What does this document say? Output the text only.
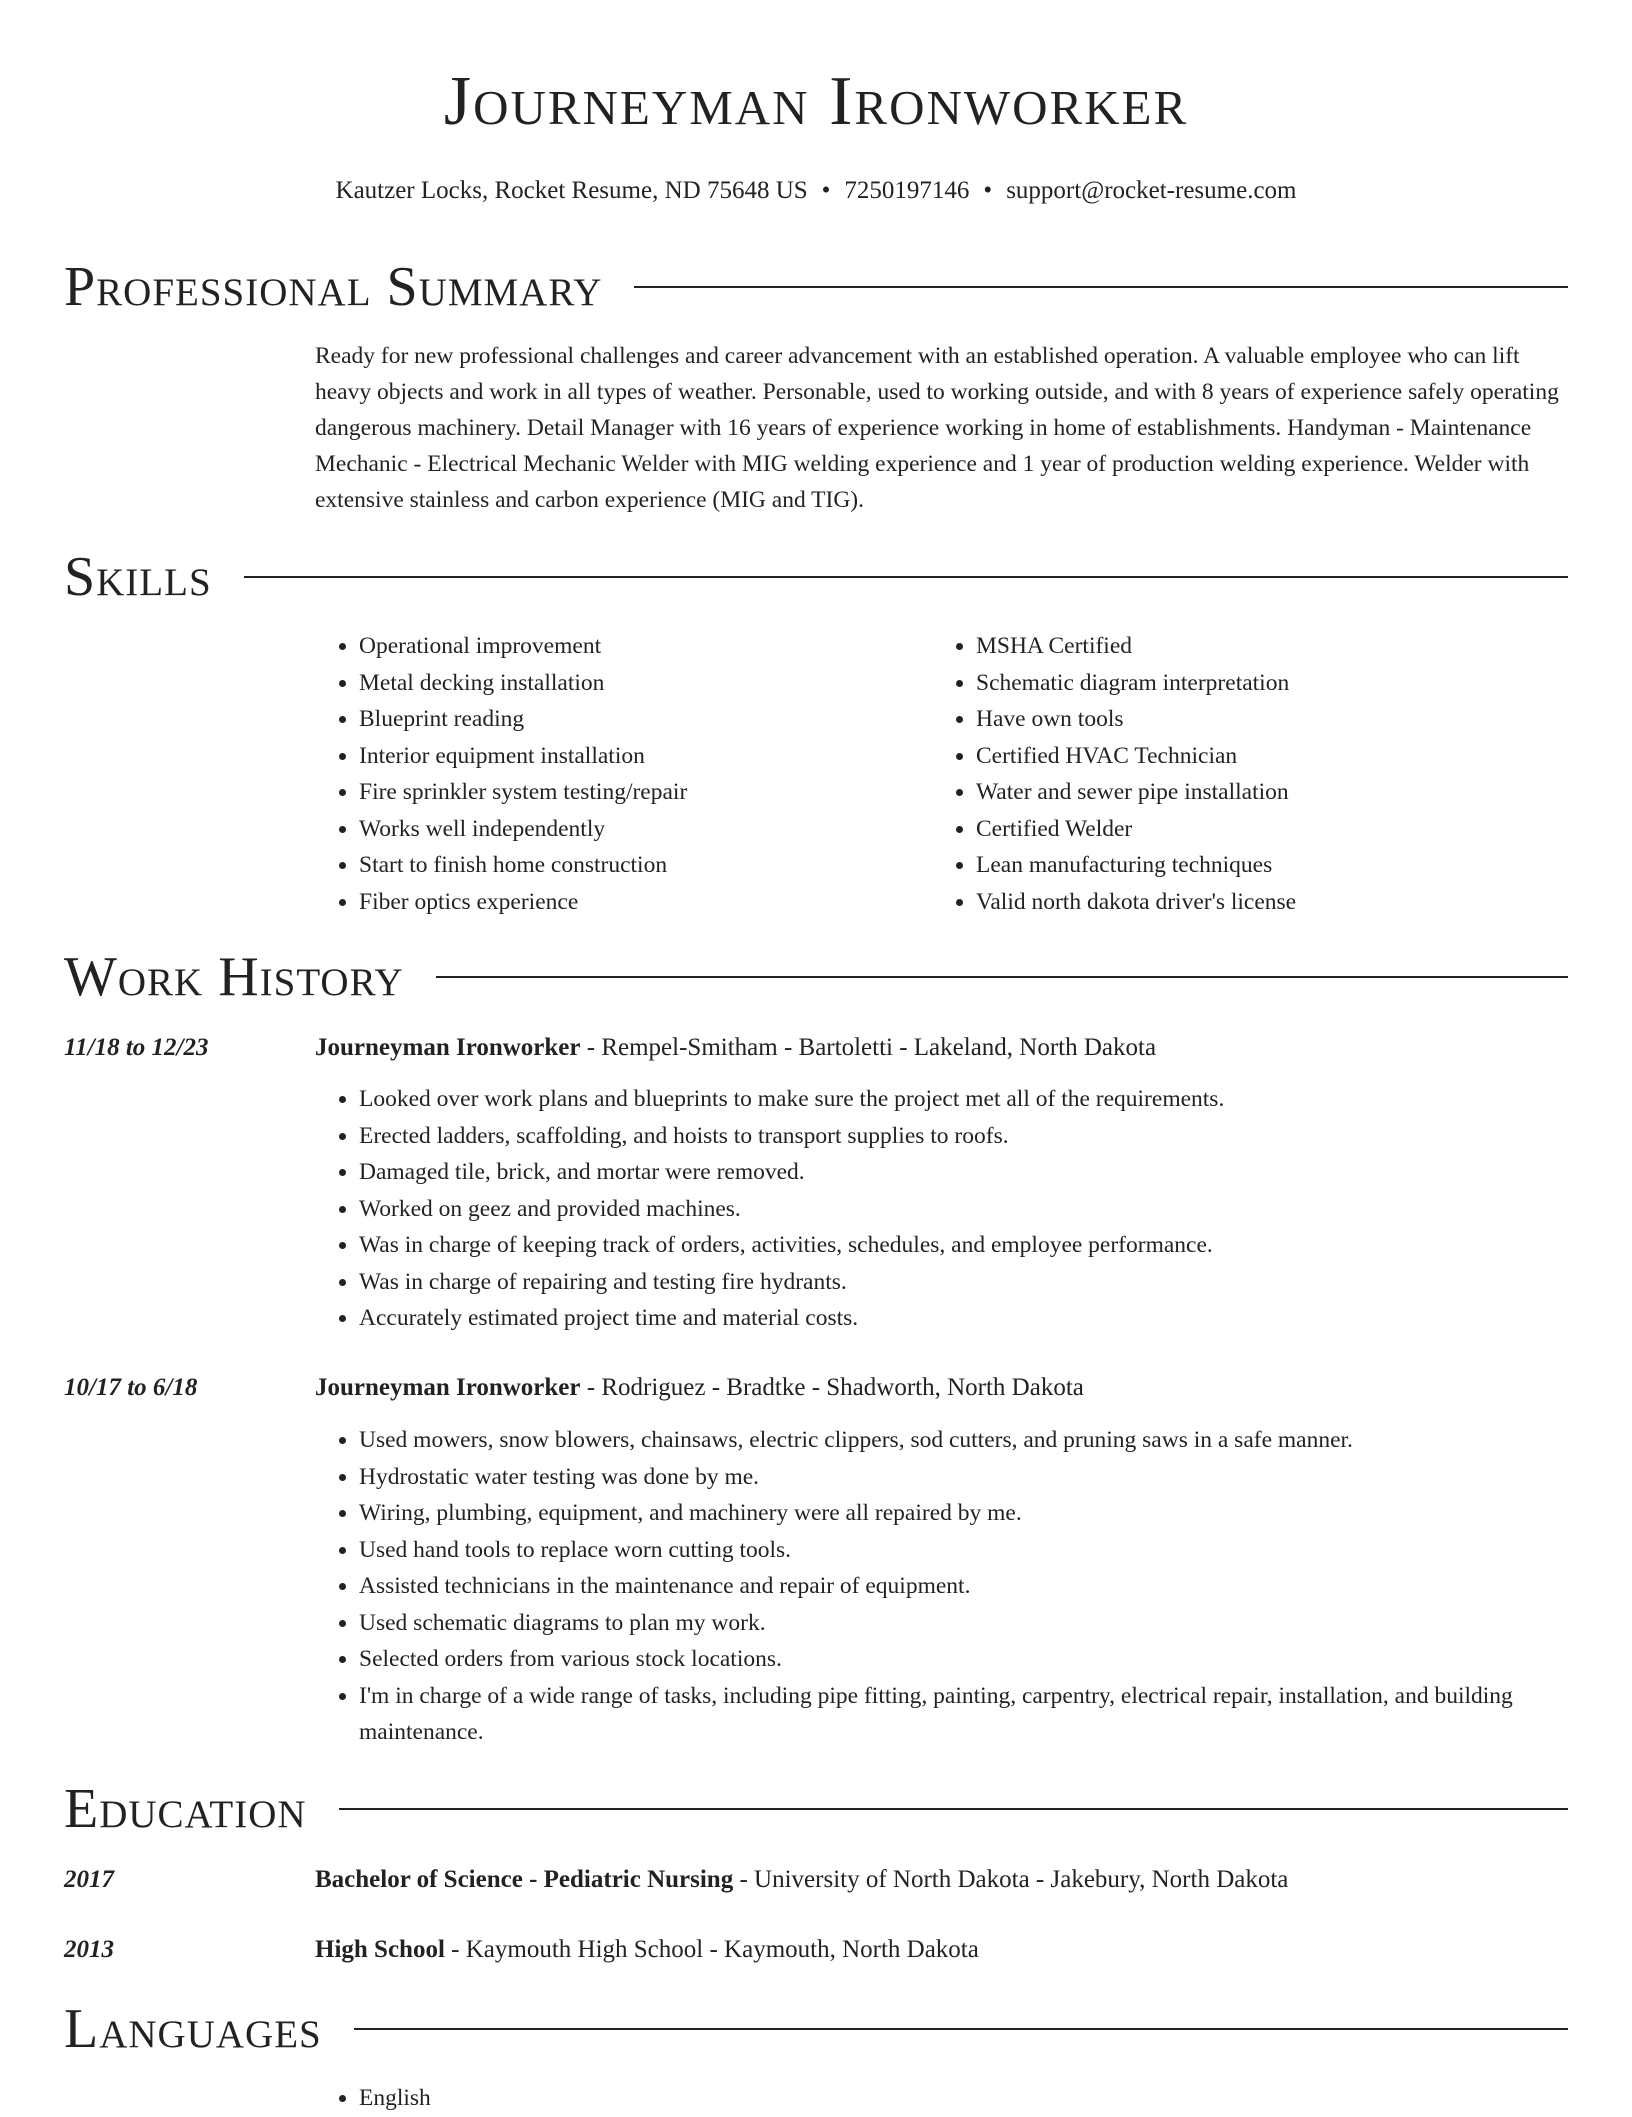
Journeyman Ironworker
Kautzer Locks, Rocket Resume, ND 75648 US • 7250197146 • support@rocket-resume.com
Professional Summary

Ready for new professional challenges and career advancement with an established operation. A valuable employee who can lift heavy objects and work in all types of weather. Personable, used to working outside, and with 8 years of experience safely operating dangerous machinery. Detail Manager with 16 years of experience working in home of establishments. Handyman - Maintenance Mechanic - Electrical Mechanic Welder with MIG welding experience and 1 year of production welding experience. Welder with extensive stainless and carbon experience (MIG and TIG).

Skills
• Operational improvement
• Metal decking installation
• Blueprint reading
• Interior equipment installation
• Fire sprinkler system testing/repair
• Works well independently
• Start to finish home construction
• Fiber optics experience
• MSHA Certified
• Schematic diagram interpretation
• Have own tools
• Certified HVAC Technician
• Water and sewer pipe installation
• Certified Welder
• Lean manufacturing techniques
• Valid north dakota driver's license
Work History
11/18 to 12/23	Journeyman Ironworker - Rempel-Smitham - Bartoletti - Lakeland, North Dakota
• Looked over work plans and blueprints to make sure the project met all of the requirements.
• Erected ladders, scaffolding, and hoists to transport supplies to roofs.
• Damaged tile, brick, and mortar were removed.
• Worked on geez and provided machines.
• Was in charge of keeping track of orders, activities, schedules, and employee performance.
• Was in charge of repairing and testing fire hydrants.
• Accurately estimated project time and material costs.
10/17 to 6/18	Journeyman Ironworker - Rodriguez - Bradtke - Shadworth, North Dakota
• Used mowers, snow blowers, chainsaws, electric clippers, sod cutters, and pruning saws in a safe manner.
• Hydrostatic water testing was done by me.
• Wiring, plumbing, equipment, and machinery were all repaired by me.
• Used hand tools to replace worn cutting tools.
• Assisted technicians in the maintenance and repair of equipment.
• Used schematic diagrams to plan my work.
• Selected orders from various stock locations.
• I'm in charge of a wide range of tasks, including pipe fitting, painting, carpentry, electrical repair, installation, and building maintenance.
Education
2017	Bachelor of Science - Pediatric Nursing - University of North Dakota - Jakebury, North Dakota
2013	High School - Kaymouth High School - Kaymouth, North Dakota
Languages
• English
